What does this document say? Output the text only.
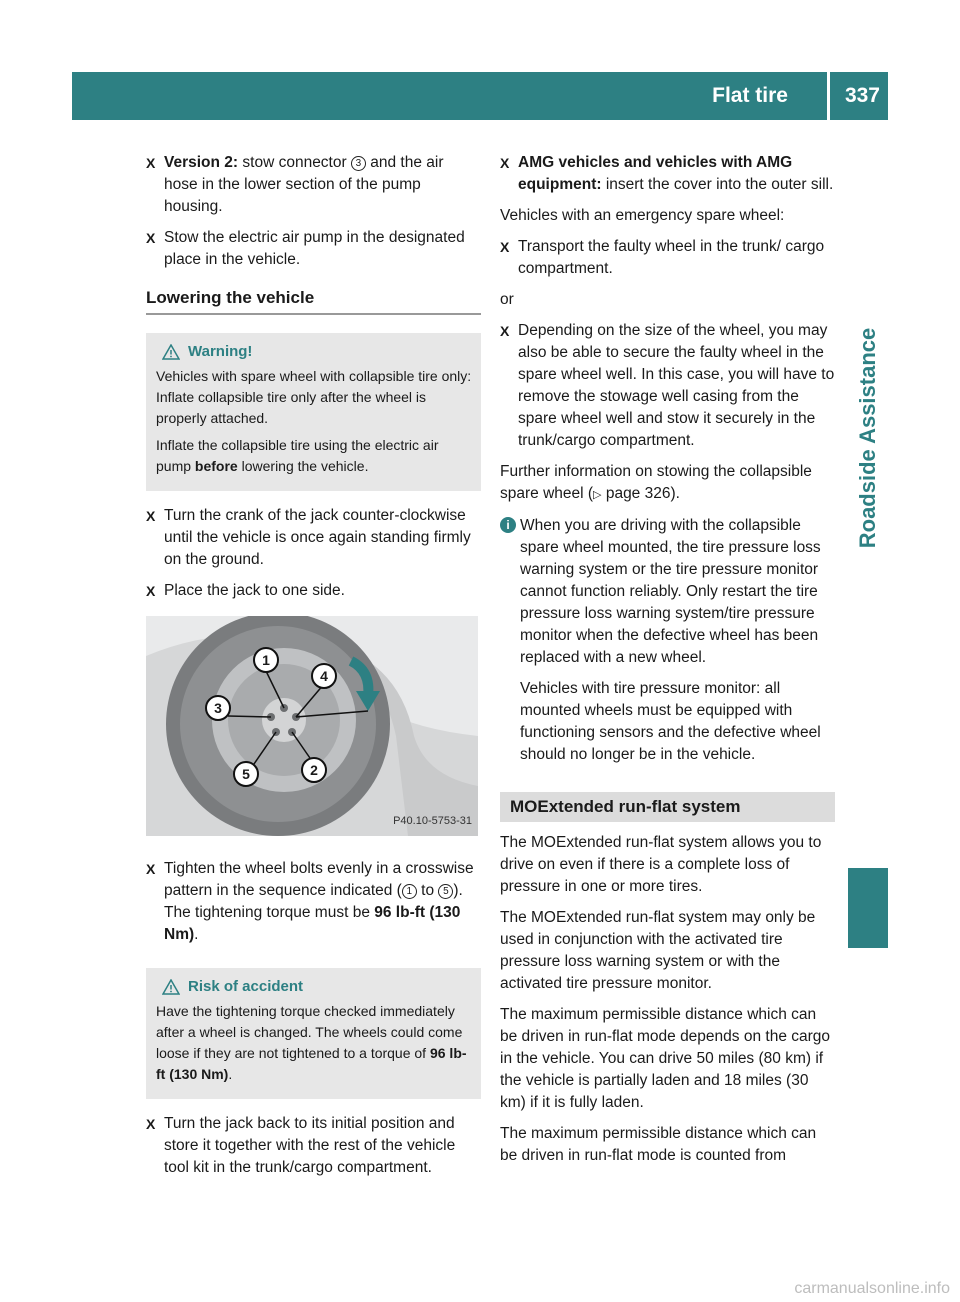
Flat tire	337
Roadside Assistance
X Version 2: stow connector 3 and the air hose in the lower section of the pump housing.
X Stow the electric air pump in the designated place in the vehicle.
Lowering the vehicle
Warning!
Vehicles with spare wheel with collapsible tire only: Inflate collapsible tire only after the wheel is properly attached.
Inflate the collapsible tire using the electric air pump before lowering the vehicle.
X Turn the crank of the jack counter-clockwise until the vehicle is once again standing firmly on the ground.
X Place the jack to one side.
1
4
3
5	2
P40.10-5753-31
X Tighten the wheel bolts evenly in a crosswise pattern in the sequence indicated ( 1 to 5 ). The tightening torque must be 96 lb-ft (130 Nm).
Risk of accident
Have the tightening torque checked immediately after a wheel is changed. The wheels could come loose if they are not tightened to a torque of 96 lb-ft (130 Nm).
X Turn the jack back to its initial position and store it together with the rest of the vehicle tool kit in the trunk/cargo compartment.
X AMG vehicles and vehicles with AMG equipment: insert the cover into the outer sill.
Vehicles with an emergency spare wheel:
X Transport the faulty wheel in the trunk/ cargo compartment.
or
X Depending on the size of the wheel, you may also be able to secure the faulty wheel in the spare wheel well. In this case, you will have to remove the stowage well casing from the spare wheel well and stow it securely in the trunk/cargo compartment.
Further information on stowing the collapsible spare wheel (▷ page 326).
i When you are driving with the collapsible spare wheel mounted, the tire pressure loss warning system or the tire pressure monitor cannot function reliably. Only restart the tire pressure loss warning system/tire pressure monitor when the defective wheel has been replaced with a new wheel.
Vehicles with tire pressure monitor: all mounted wheels must be equipped with functioning sensors and the defective wheel should no longer be in the vehicle.
MOExtended run-flat system
The MOExtended run-flat system allows you to drive on even if there is a complete loss of pressure in one or more tires.
The MOExtended run-flat system may only be used in conjunction with the activated tire pressure loss warning system or with the activated tire pressure monitor.
The maximum permissible distance which can be driven in run-flat mode depends on the cargo in the vehicle. You can drive 50 miles (80 km) if the vehicle is partially laden and 18 miles (30 km) if it is fully laden.
The maximum permissible distance which can be driven in run-flat mode is counted from
carmanualsonline.info
